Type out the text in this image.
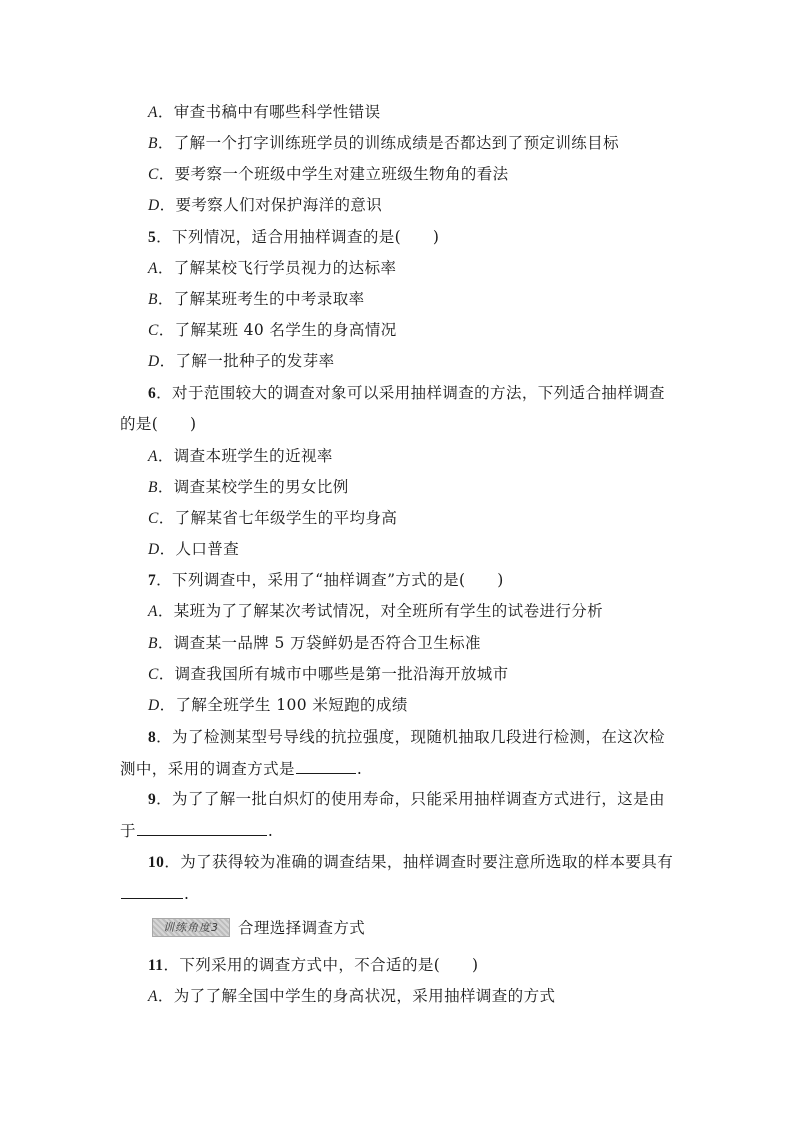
A．审查书稿中有哪些科学性错误
B．了解一个打字训练班学员的训练成绩是否都达到了预定训练目标
C．要考察一个班级中学生对建立班级生物角的看法
D．要考察人们对保护海洋的意识
5．下列情况，适合用抽样调查的是(　　)
A．了解某校飞行学员视力的达标率
B．了解某班考生的中考录取率
C．了解某班 40 名学生的身高情况
D．了解一批种子的发芽率
6．对于范围较大的调查对象可以采用抽样调查的方法，下列适合抽样调查
的是(　　)
A．调查本班学生的近视率
B．调查某校学生的男女比例
C．了解某省七年级学生的平均身高
D．人口普查
7．下列调查中，采用了“抽样调查”方式的是(　　)
A．某班为了了解某次考试情况，对全班所有学生的试卷进行分析
B．调查某一品牌 5 万袋鲜奶是否符合卫生标准
C．调查我国所有城市中哪些是第一批沿海开放城市
D．了解全班学生 100 米短跑的成绩
8．为了检测某型号导线的抗拉强度，现随机抽取几段进行检测，在这次检
测中，采用的调查方式是	.
9．为了了解一批白炽灯的使用寿命，只能采用抽样调查方式进行，这是由
于	.
10．为了获得较为准确的调查结果，抽样调查时要注意所选取的样本要具有
.
训练角度3	合理选择调查方式
11．下列采用的调查方式中，不合适的是(　　)
A．为了了解全国中学生的身高状况，采用抽样调查的方式
